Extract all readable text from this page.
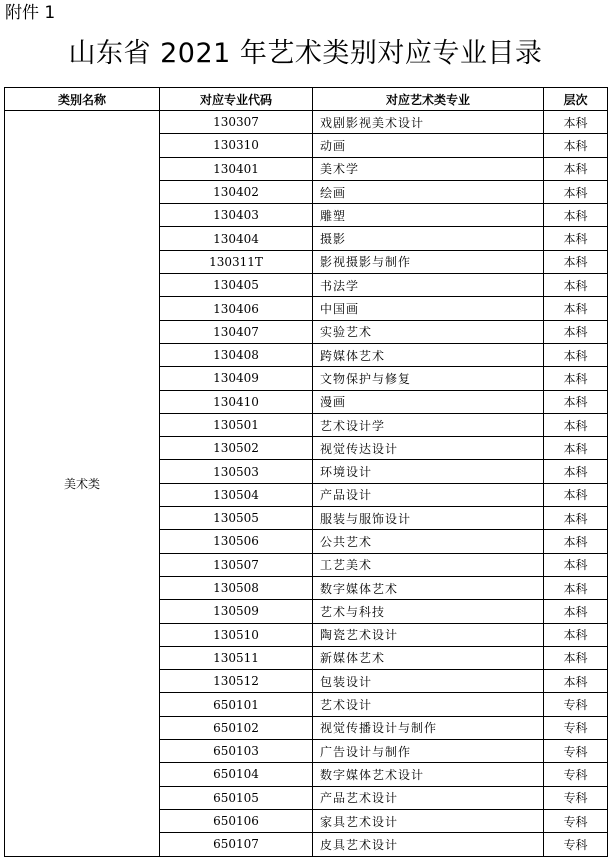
附件 1
山东省 2021 年艺术类别对应专业目录
类别名称	对应专业代码	对应艺术类专业	层次
美术类	130307	戏剧影视美术设计	本科
	130310	动画	本科
	130401	美术学	本科
	130402	绘画	本科
	130403	雕塑	本科
	130404	摄影	本科
	130311T	影视摄影与制作	本科
	130405	书法学	本科
	130406	中国画	本科
	130407	实验艺术	本科
	130408	跨媒体艺术	本科
	130409	文物保护与修复	本科
	130410	漫画	本科
	130501	艺术设计学	本科
	130502	视觉传达设计	本科
	130503	环境设计	本科
	130504	产品设计	本科
	130505	服装与服饰设计	本科
	130506	公共艺术	本科
	130507	工艺美术	本科
	130508	数字媒体艺术	本科
	130509	艺术与科技	本科
	130510	陶瓷艺术设计	本科
	130511	新媒体艺术	本科
	130512	包装设计	本科
	650101	艺术设计	专科
	650102	视觉传播设计与制作	专科
	650103	广告设计与制作	专科
	650104	数字媒体艺术设计	专科
	650105	产品艺术设计	专科
	650106	家具艺术设计	专科
	650107	皮具艺术设计	专科
